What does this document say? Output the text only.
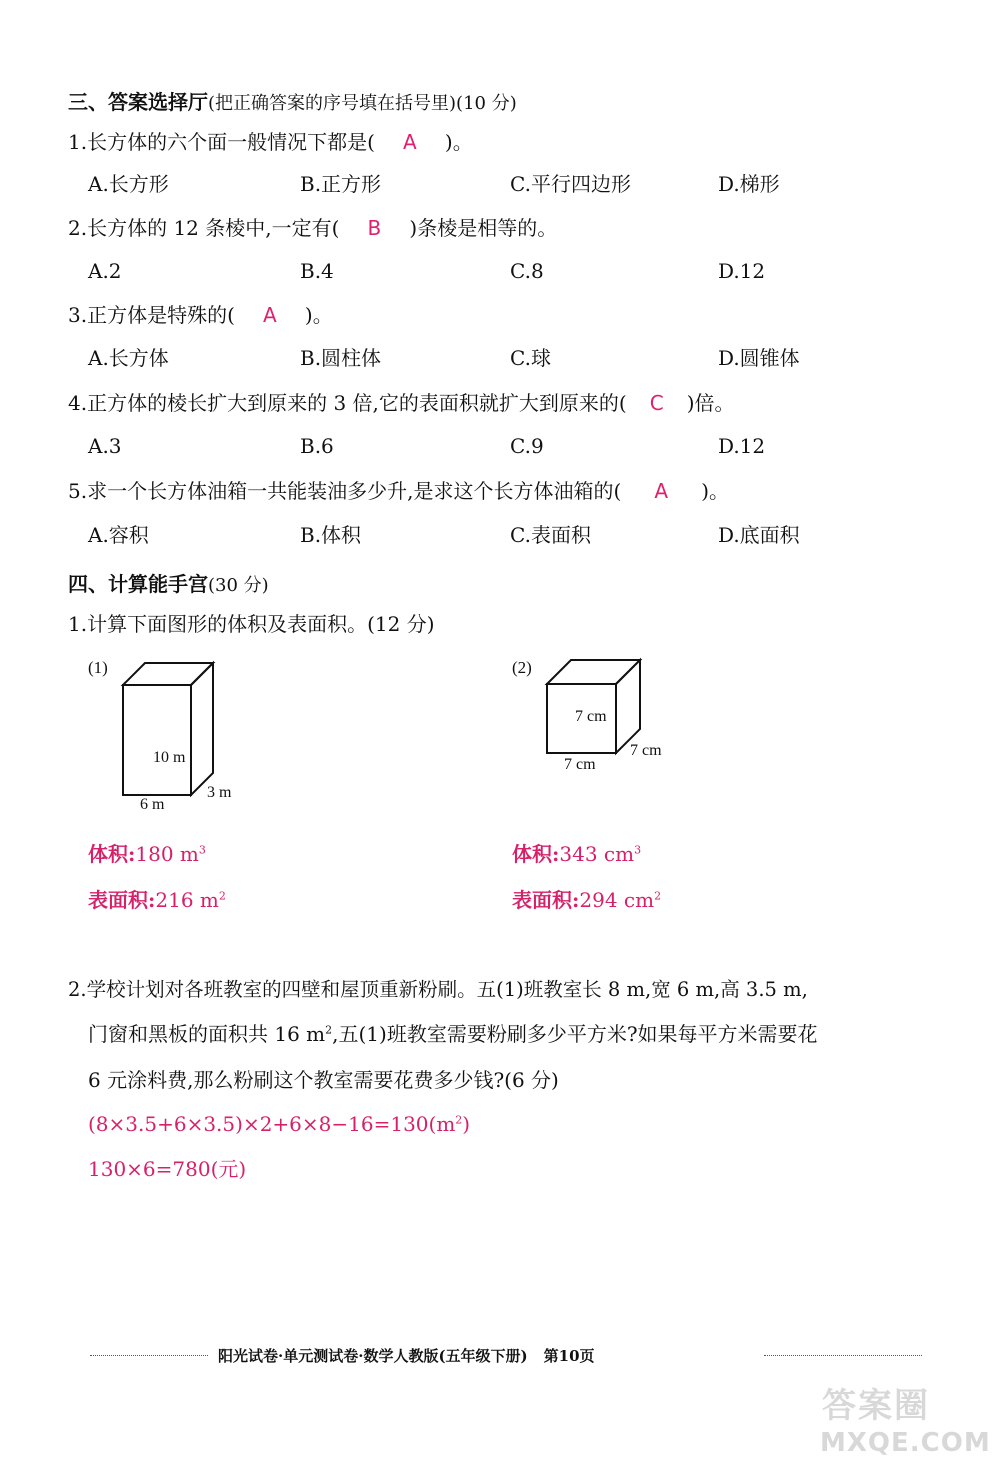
三、答案选择厅(把正确答案的序号填在括号里)(10 分)
1.长方体的六个面一般情况下都是( A )。
A.长方形	B.正方形	C.平行四边形	D.梯形
2.长方体的 12 条棱中,一定有( B )条棱是相等的。
A.2	B.4	C.8	D.12
3.正方体是特殊的( A )。
A.长方体	B.圆柱体	C.球	D.圆锥体
4.正方体的棱长扩大到原来的 3 倍,它的表面积就扩大到原来的( C )倍。
A.3	B.6	C.9	D.12
5.求一个长方体油箱一共能装油多少升,是求这个长方体油箱的( A )。
A.容积	B.体积	C.表面积	D.底面积
四、计算能手宫(30 分)
1.计算下面图形的体积及表面积。(12 分)
(1)
10 m
6 m
3 m
(2)
7 cm
7 cm
7 cm
体积:180 $m^3$
表面积:216 $m^2$
体积:343 $cm^3$
表面积:294 $cm^2$
2.学校计划对各班教室的四壁和屋顶重新粉刷。五(1)班教室长 8 m,宽 6 m,高 3.5 m,
门窗和黑板的面积共 16 $m^2$,五(1)班教室需要粉刷多少平方米?如果每平方米需要花
6 元涂料费,那么粉刷这个教室需要花费多少钱?(6 分)
$(8\times 3.5+6\times 3.5)\times 2+6\times 8-16=130(m^2)$
130×6=780(元)
阳光试卷·单元测试卷·数学人教版(五年级下册) 第10页
答案圈
MXQE.COM
